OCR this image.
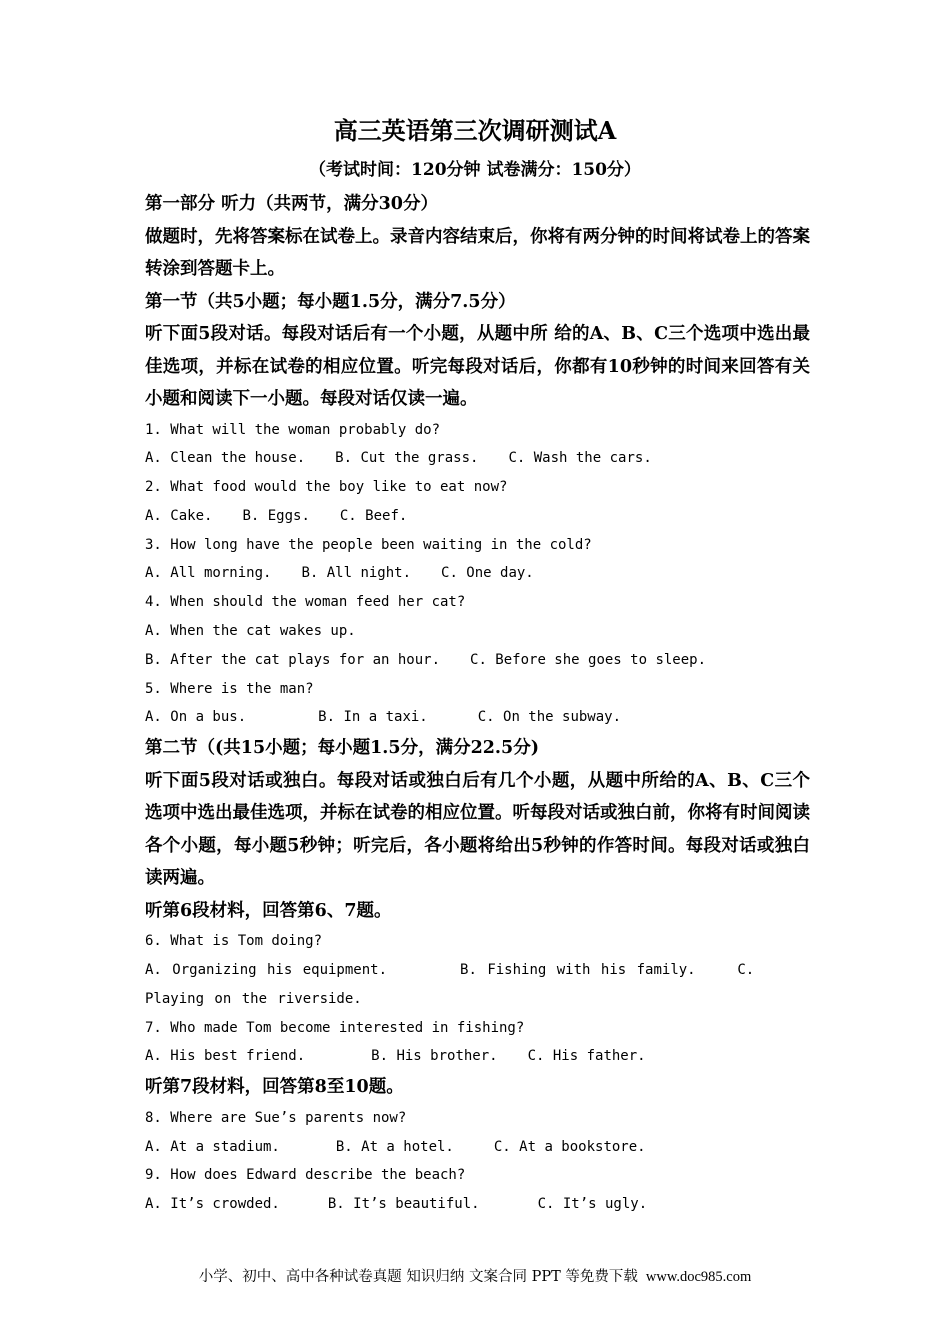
高三英语第三次调研测试A
（考试时间：120分钟 试卷满分：150分）

第一部分 听力（共两节，满分30分）

做题时，先将答案标在试卷上。录音内容结束后，你将有两分钟的时间将试卷上的答案转涂到答题卡上。

第一节（共5小题；每小题1.5分，满分7.5分）

听下面5段对话。每段对话后有一个小题，从题中所 给的A、B、C三个选项中选出最佳选项，并标在试卷的相应位置。听完每段对话后，你都有10秒钟的时间来回答有关小题和阅读下一小题。每段对话仅读一遍。

1. What will the woman probably do?

A. Clean the house. B. Cut the grass. C. Wash the cars.

2. What food would the boy like to eat now?

A. Cake. B. Eggs. C. Beef.

3. How long have the people been waiting in the cold?

A. All morning. B. All night. C. One day.

4. When should the woman feed her cat?

A. When the cat wakes up.

B. After the cat plays for an hour. C. Before she goes to sleep.

5. Where is the man?

A. On a bus.	B. In a taxi.	C. On the subway.

第二节（(共15小题；每小题1.5分，满分22.5分)

听下面5段对话或独白。每段对话或独白后有几个小题，从题中所给的A、B、C三个选项中选出最佳选项，并标在试卷的相应位置。听每段对话或独白前，你将有时间阅读各个小题，每小题5秒钟；听完后，各小题将给出5秒钟的作答时间。每段对话或独白读两遍。

听第6段材料，回答第6、7题。

6. What is Tom doing?

A. Organizing his equipment.	B. Fishing with his family.	C. Playing on the riverside.

7. Who made Tom become interested in fishing?

A. His best friend.	B. His brother. C. His father.

听第7段材料，回答第8至10题。

8. Where are Sue’s parents now?

A. At a stadium.	B. At a hotel.	C. At a bookstore.

9. How does Edward describe the beach?

A. It’s crowded.	B. It’s beautiful.	C. It’s ugly.

小学、初中、高中各种试卷真题 知识归纳 文案合同 PPT 等免费下载 www.doc985.com
